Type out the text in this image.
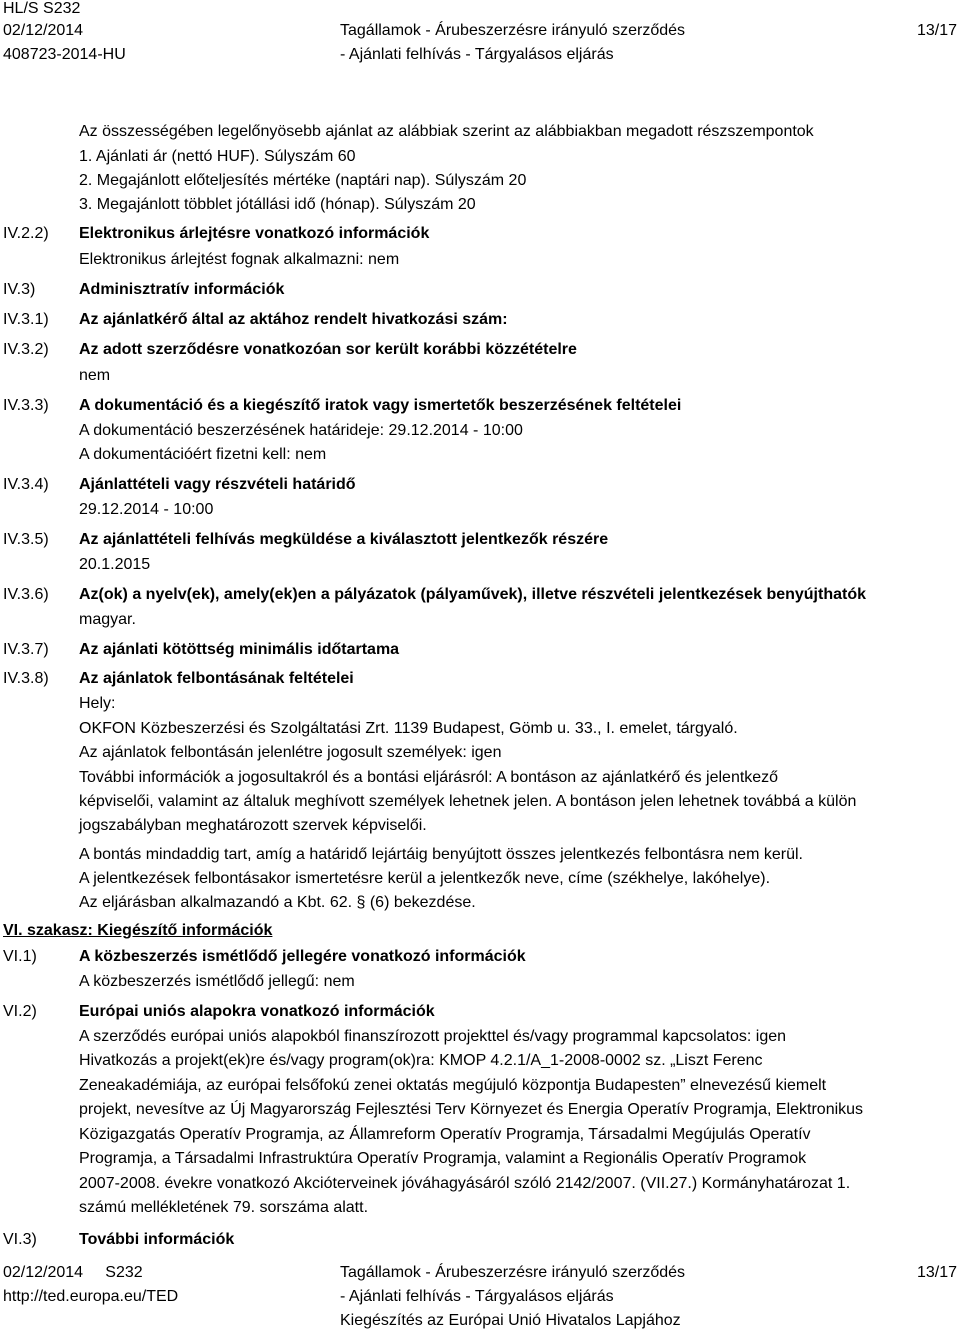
HL/S S232
02/12/2014
408723-2014-HU
Tagállamok - Árubeszerzésre irányuló szerződés
- Ajánlati felhívás - Tárgyalásos eljárás
13/17
Az összességében legelőnyösebb ajánlat az alábbiak szerint az alábbiakban megadott részszempontok
1. Ajánlati ár (nettó HUF). Súlyszám 60
2. Megajánlott előteljesítés mértéke (naptári nap). Súlyszám 20
3. Megajánlott többlet jótállási idő (hónap). Súlyszám 20
IV.2.2) Elektronikus árlejtésre vonatkozó információk
Elektronikus árlejtést fognak alkalmazni: nem
IV.3)	Adminisztratív információk
IV.3.1) Az ajánlatkérő által az aktához rendelt hivatkozási szám:
IV.3.2) Az adott szerződésre vonatkozóan sor került korábbi közzétételre
nem
IV.3.3) A dokumentáció és a kiegészítő iratok vagy ismertetők beszerzésének feltételei
A dokumentáció beszerzésének határideje: 29.12.2014 - 10:00
A dokumentációért fizetni kell: nem
IV.3.4) Ajánlattételi vagy részvételi határidő
29.12.2014 - 10:00
IV.3.5) Az ajánlattételi felhívás megküldése a kiválasztott jelentkezők részére
20.1.2015
IV.3.6) Az(ok) a nyelv(ek), amely(ek)en a pályázatok (pályaművek), illetve részvételi jelentkezések benyújthatók
magyar.
IV.3.7) Az ajánlati kötöttség minimális időtartama
IV.3.8) Az ajánlatok felbontásának feltételei
Hely:
OKFON Közbeszerzési és Szolgáltatási Zrt. 1139 Budapest, Gömb u. 33., I. emelet, tárgyaló.
Az ajánlatok felbontásán jelenlétre jogosult személyek: igen
További információk a jogosultakról és a bontási eljárásról: A bontáson az ajánlatkérő és jelentkező
képviselői, valamint az általuk meghívott személyek lehetnek jelen. A bontáson jelen lehetnek továbbá a külön
jogszabályban meghatározott szervek képviselői.
A bontás mindaddig tart, amíg a határidő lejártáig benyújtott összes jelentkezés felbontásra nem kerül.
A jelentkezések felbontásakor ismertetésre kerül a jelentkezők neve, címe (székhelye, lakóhelye).
Az eljárásban alkalmazandó a Kbt. 62. § (6) bekezdése.
VI. szakasz: Kiegészítő információk
VI.1)	A közbeszerzés ismétlődő jellegére vonatkozó információk
A közbeszerzés ismétlődő jellegű: nem
VI.2)	Európai uniós alapokra vonatkozó információk
A szerződés európai uniós alapokból finanszírozott projekttel és/vagy programmal kapcsolatos: igen
Hivatkozás a projekt(ek)re és/vagy program(ok)ra: KMOP 4.2.1/A_1-2008-0002 sz. „Liszt Ferenc
Zeneakadémiája, az európai felsőfokú zenei oktatás megújuló központja Budapesten” elnevezésű kiemelt
projekt, nevesítve az Új Magyarország Fejlesztési Terv Környezet és Energia Operatív Programja, Elektronikus
Közigazgatás Operatív Programja, az Államreform Operatív Programja, Társadalmi Megújulás Operatív
Programja, a Társadalmi Infrastruktúra Operatív Programja, valamint a Regionális Operatív Programok
2007-2008. évekre vonatkozó Akcióterveinek jóváhagyásáról szóló 2142/2007. (VII.27.) Kormányhatározat 1.
számú mellékletének 79. sorszáma alatt.
VI.3)	További információk
02/12/2014     S232
http://ted.europa.eu/TED
Tagállamok - Árubeszerzésre irányuló szerződés
- Ajánlati felhívás - Tárgyalásos eljárás
Kiegészítés az Európai Unió Hivatalos Lapjához
13/17
